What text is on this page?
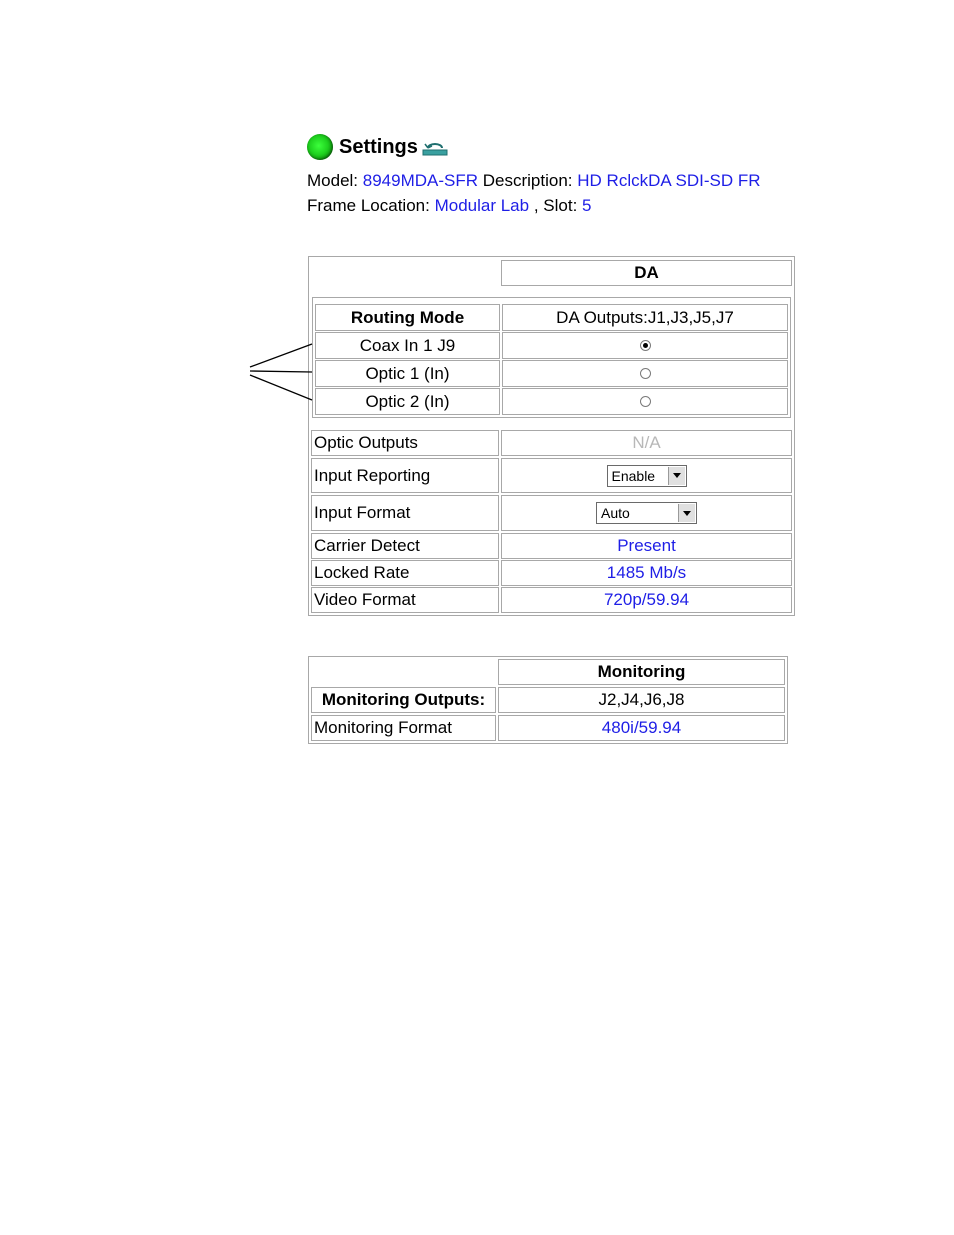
Settings
Model: 8949MDA-SFR Description: HD RclckDA SDI-SD FR
Frame Location: Modular Lab , Slot: 5
DA
Routing Mode	DA Outputs:J1,J3,J5,J7
Coax In 1 J9
Optic 1 (In)
Optic 2 (In)
Optic Outputs	N/A
Input Reporting	Enable
Input Format	Auto
Carrier Detect	Present
Locked Rate	1485 Mb/s
Video Format	720p/59.94
Monitoring
Monitoring Outputs:	J2,J4,J6,J8
Monitoring Format	480i/59.94
